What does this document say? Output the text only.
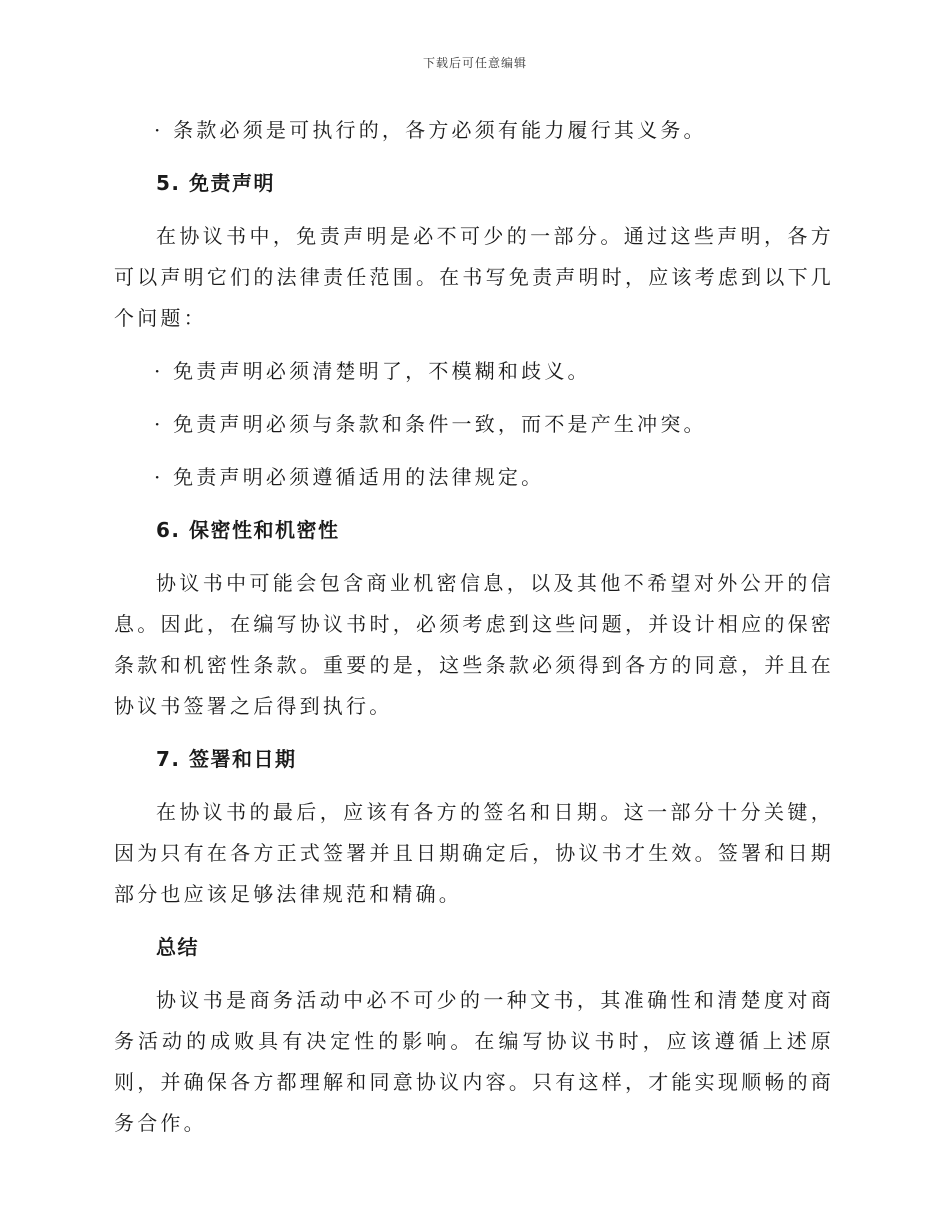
下载后可任意编辑

· 条款必须是可执行的，各方必须有能力履行其义务。

5. 免责声明

在协议书中，免责声明是必不可少的一部分。通过这些声明，各方可以声明它们的法律责任范围。在书写免责声明时，应该考虑到以下几个问题：

· 免责声明必须清楚明了，不模糊和歧义。

· 免责声明必须与条款和条件一致，而不是产生冲突。

· 免责声明必须遵循适用的法律规定。

6. 保密性和机密性

协议书中可能会包含商业机密信息，以及其他不希望对外公开的信息。因此，在编写协议书时，必须考虑到这些问题，并设计相应的保密条款和机密性条款。重要的是，这些条款必须得到各方的同意，并且在协议书签署之后得到执行。

7. 签署和日期

在协议书的最后，应该有各方的签名和日期。这一部分十分关键，因为只有在各方正式签署并且日期确定后，协议书才生效。签署和日期部分也应该足够法律规范和精确。

总结

协议书是商务活动中必不可少的一种文书，其准确性和清楚度对商务活动的成败具有决定性的影响。在编写协议书时，应该遵循上述原则，并确保各方都理解和同意协议内容。只有这样，才能实现顺畅的商务合作。
